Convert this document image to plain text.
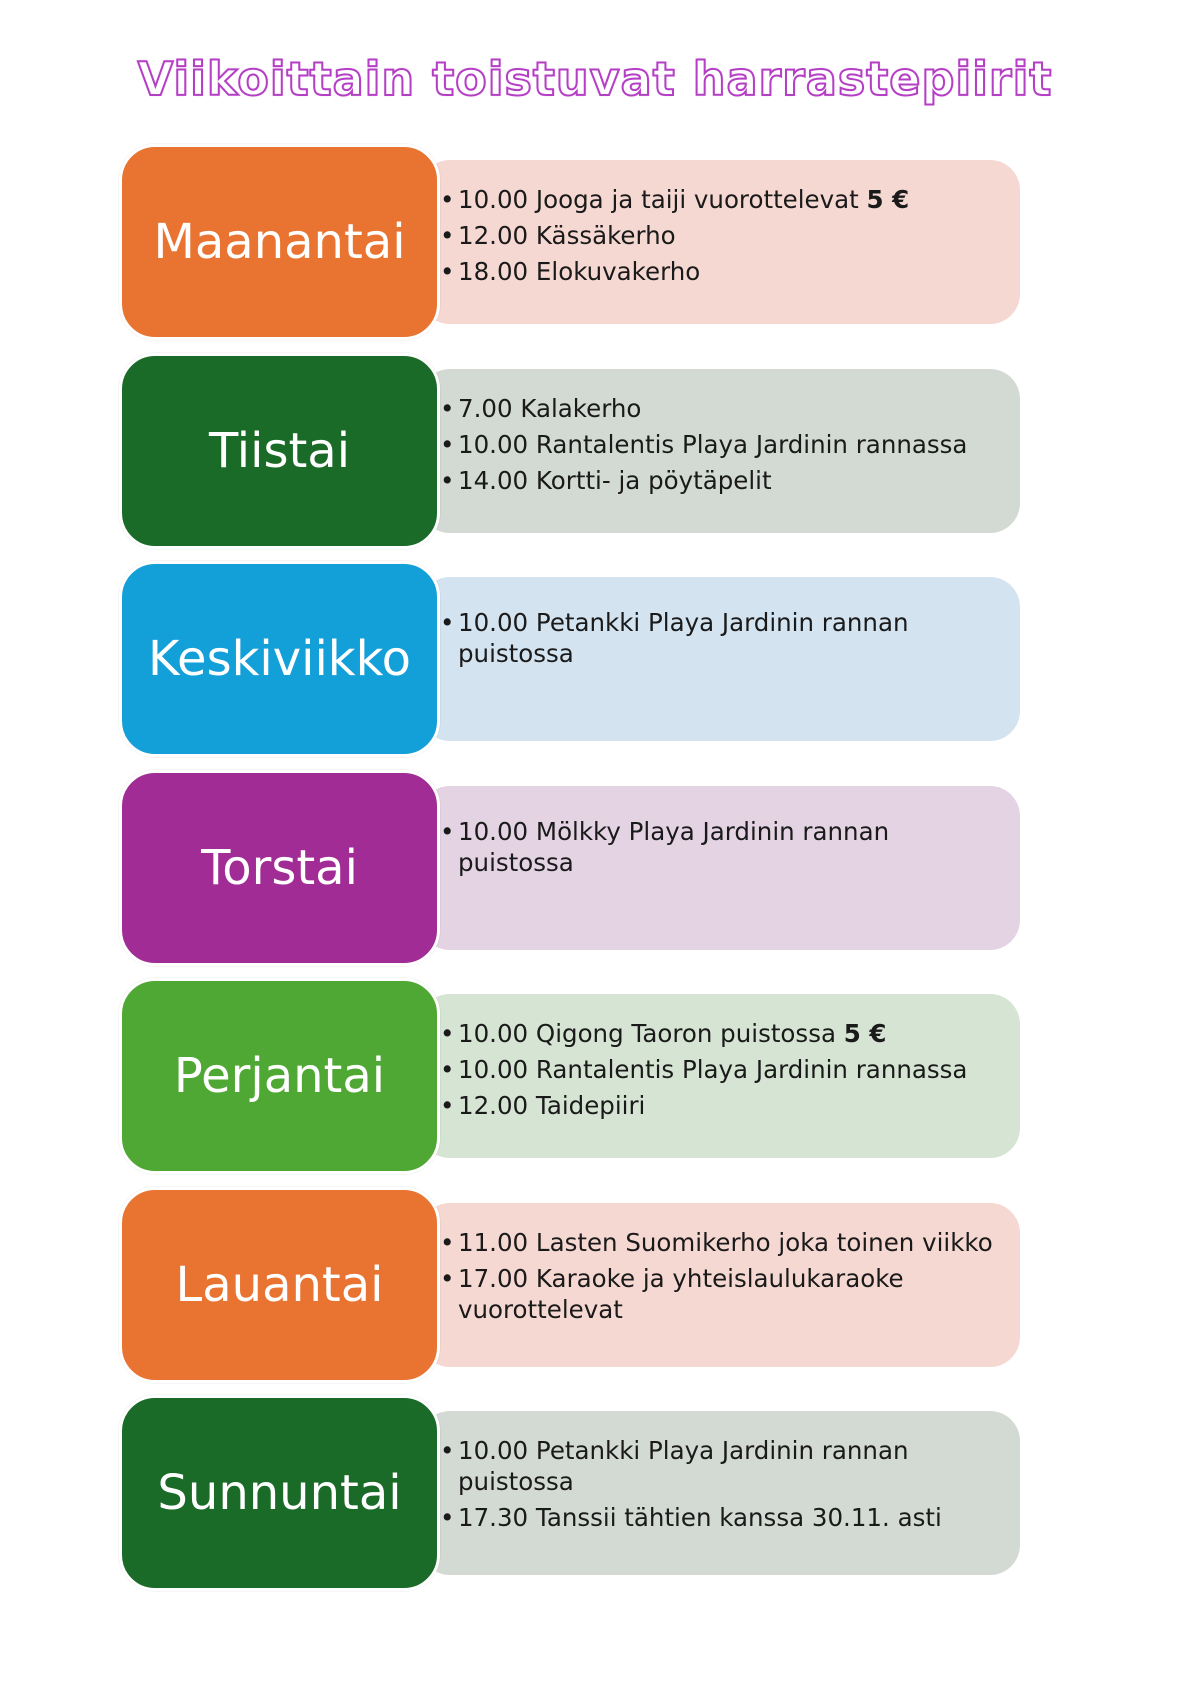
Viikoittain toistuvat harrastepiirit
• 10.00 Jooga ja taiji vuorottelevat 5 €
• 12.00 Kässäkerho
• 18.00 Elokuvakerho
Maanantai
• 7.00 Kalakerho
• 10.00 Rantalentis Playa Jardinin rannassa
• 14.00 Kortti- ja pöytäpelit
Tiistai
• 10.00 Petankki Playa Jardinin rannan
puistossa
Keskiviikko
• 10.00 Mölkky Playa Jardinin rannan
puistossa
Torstai
• 10.00 Qigong Taoron puistossa 5 €
• 10.00 Rantalentis Playa Jardinin rannassa
• 12.00 Taidepiiri
Perjantai
• 11.00 Lasten Suomikerho joka toinen viikko
• 17.00 Karaoke ja yhteislaulukaraoke
vuorottelevat
Lauantai
• 10.00 Petankki Playa Jardinin rannan
puistossa
• 17.30 Tanssii tähtien kanssa 30.11. asti
Sunnuntai
